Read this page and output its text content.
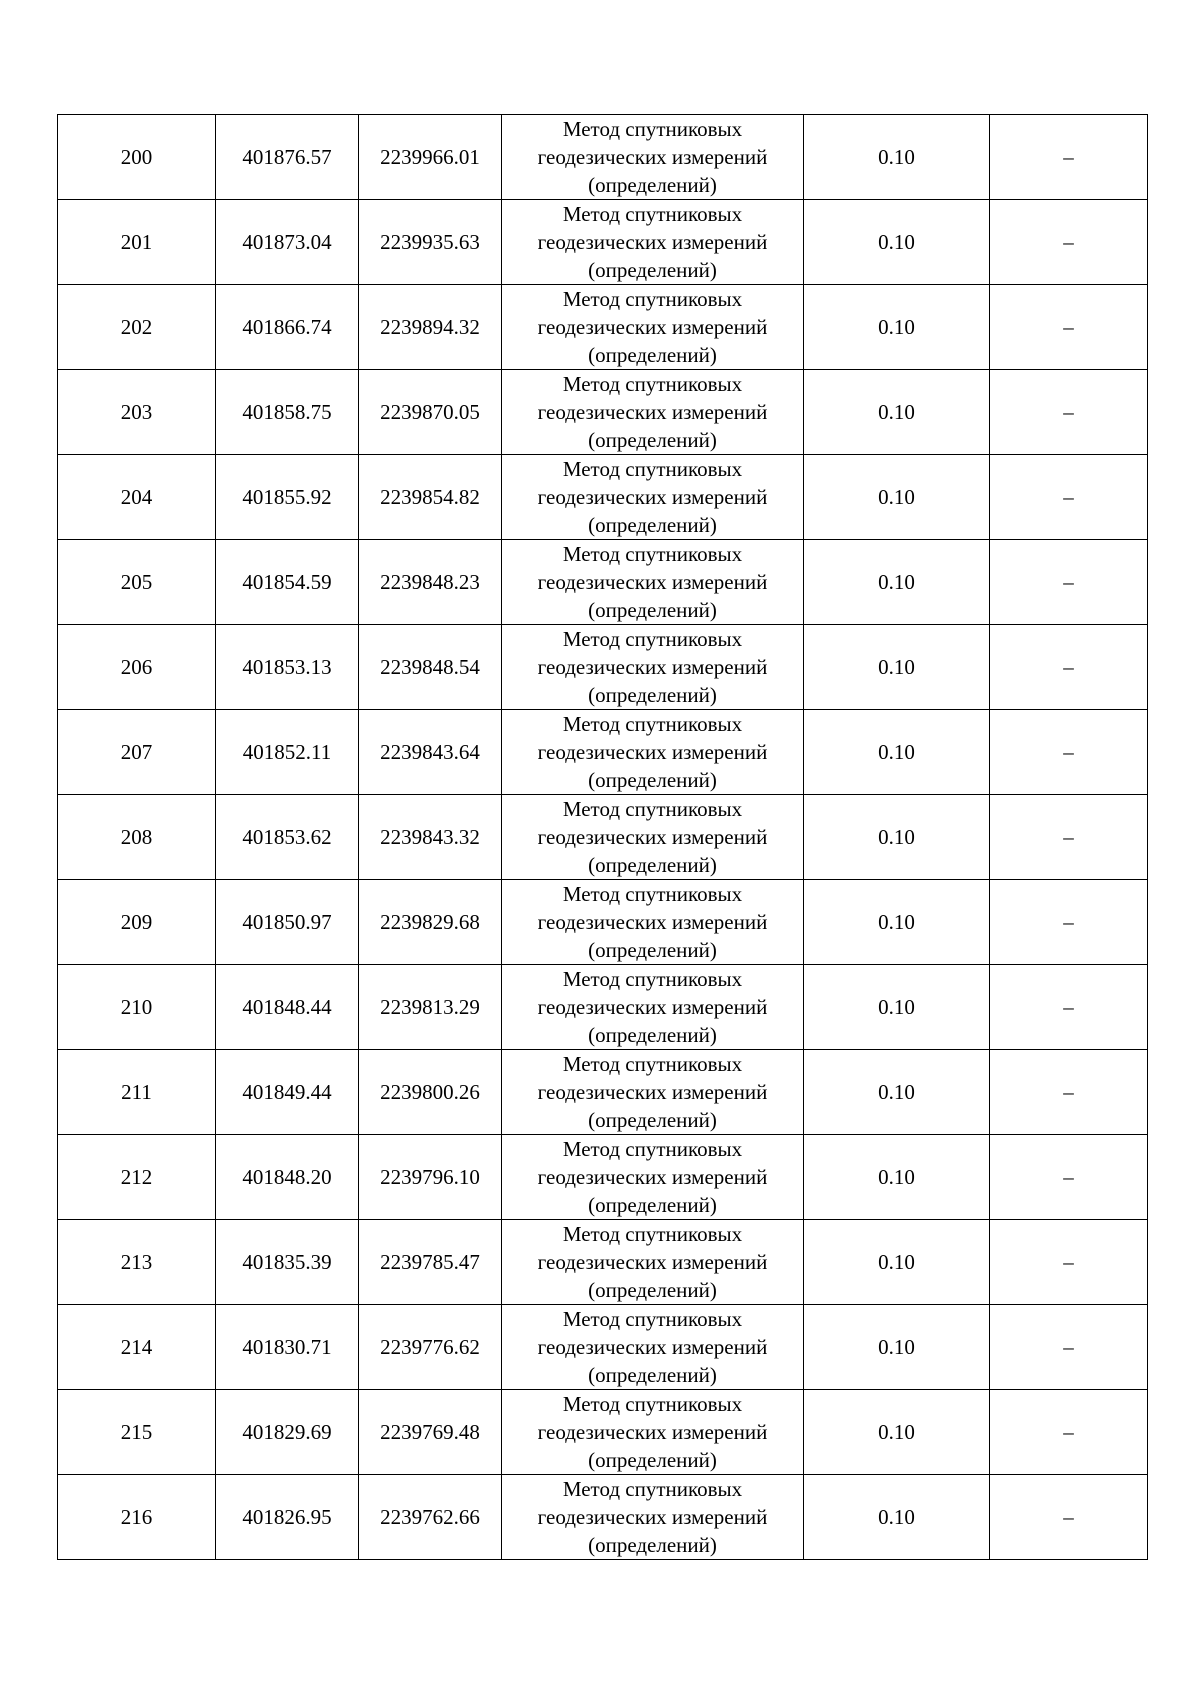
200	401876.57	2239966.01	Метод спутниковых
геодезических измерений
(определений)	0.10	–
201	401873.04	2239935.63	Метод спутниковых
геодезических измерений
(определений)	0.10	–
202	401866.74	2239894.32	Метод спутниковых
геодезических измерений
(определений)	0.10	–
203	401858.75	2239870.05	Метод спутниковых
геодезических измерений
(определений)	0.10	–
204	401855.92	2239854.82	Метод спутниковых
геодезических измерений
(определений)	0.10	–
205	401854.59	2239848.23	Метод спутниковых
геодезических измерений
(определений)	0.10	–
206	401853.13	2239848.54	Метод спутниковых
геодезических измерений
(определений)	0.10	–
207	401852.11	2239843.64	Метод спутниковых
геодезических измерений
(определений)	0.10	–
208	401853.62	2239843.32	Метод спутниковых
геодезических измерений
(определений)	0.10	–
209	401850.97	2239829.68	Метод спутниковых
геодезических измерений
(определений)	0.10	–
210	401848.44	2239813.29	Метод спутниковых
геодезических измерений
(определений)	0.10	–
211	401849.44	2239800.26	Метод спутниковых
геодезических измерений
(определений)	0.10	–
212	401848.20	2239796.10	Метод спутниковых
геодезических измерений
(определений)	0.10	–
213	401835.39	2239785.47	Метод спутниковых
геодезических измерений
(определений)	0.10	–
214	401830.71	2239776.62	Метод спутниковых
геодезических измерений
(определений)	0.10	–
215	401829.69	2239769.48	Метод спутниковых
геодезических измерений
(определений)	0.10	–
216	401826.95	2239762.66	Метод спутниковых
геодезических измерений
(определений)	0.10	–
